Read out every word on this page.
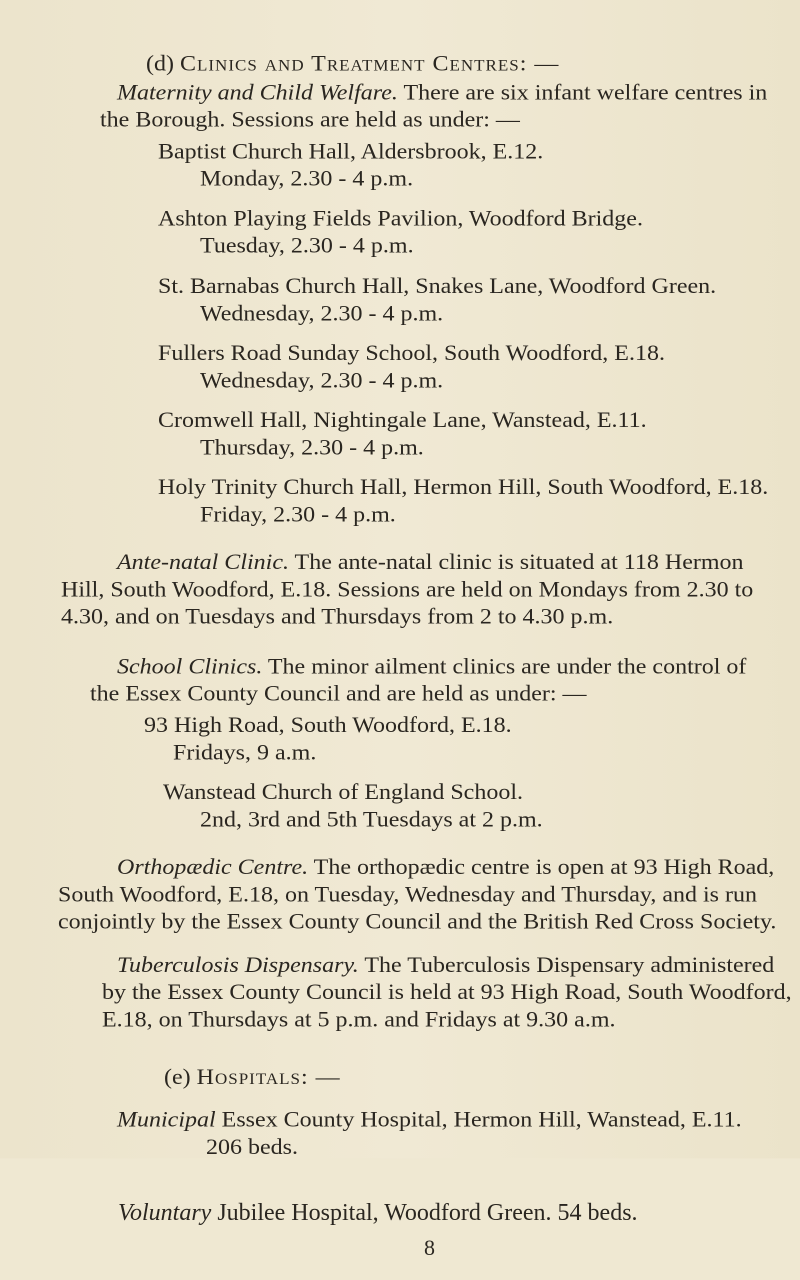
(d) Clinics and Treatment Centres: —
Maternity and Child Welfare. There are six infant welfare centres in
the Borough. Sessions are held as under: —
Baptist Church Hall, Aldersbrook, E.12.
Monday, 2.30 - 4 p.m.
Ashton Playing Fields Pavilion, Woodford Bridge.
Tuesday, 2.30 - 4 p.m.
St. Barnabas Church Hall, Snakes Lane, Woodford Green.
Wednesday, 2.30 - 4 p.m.
Fullers Road Sunday School, South Woodford, E.18.
Wednesday, 2.30 - 4 p.m.
Cromwell Hall, Nightingale Lane, Wanstead, E.11.
Thursday, 2.30 - 4 p.m.
Holy Trinity Church Hall, Hermon Hill, South Woodford, E.18.
Friday, 2.30 - 4 p.m.
Ante-natal Clinic. The ante-natal clinic is situated at 118 Hermon
Hill, South Woodford, E.18. Sessions are held on Mondays from 2.30 to
4.30, and on Tuesdays and Thursdays from 2 to 4.30 p.m.
School Clinics. The minor ailment clinics are under the control of
the Essex County Council and are held as under: —
93 High Road, South Woodford, E.18.
Fridays, 9 a.m.
Wanstead Church of England School.
2nd, 3rd and 5th Tuesdays at 2 p.m.
Orthopædic Centre. The orthopædic centre is open at 93 High Road,
South Woodford, E.18, on Tuesday, Wednesday and Thursday, and is run
conjointly by the Essex County Council and the British Red Cross Society.
Tuberculosis Dispensary. The Tuberculosis Dispensary administered
by the Essex County Council is held at 93 High Road, South Woodford,
E.18, on Thursdays at 5 p.m. and Fridays at 9.30 a.m.
(e) Hospitals: —
Municipal Essex County Hospital, Hermon Hill, Wanstead, E.11.
206 beds.
Voluntary Jubilee Hospital, Woodford Green. 54 beds.
8
